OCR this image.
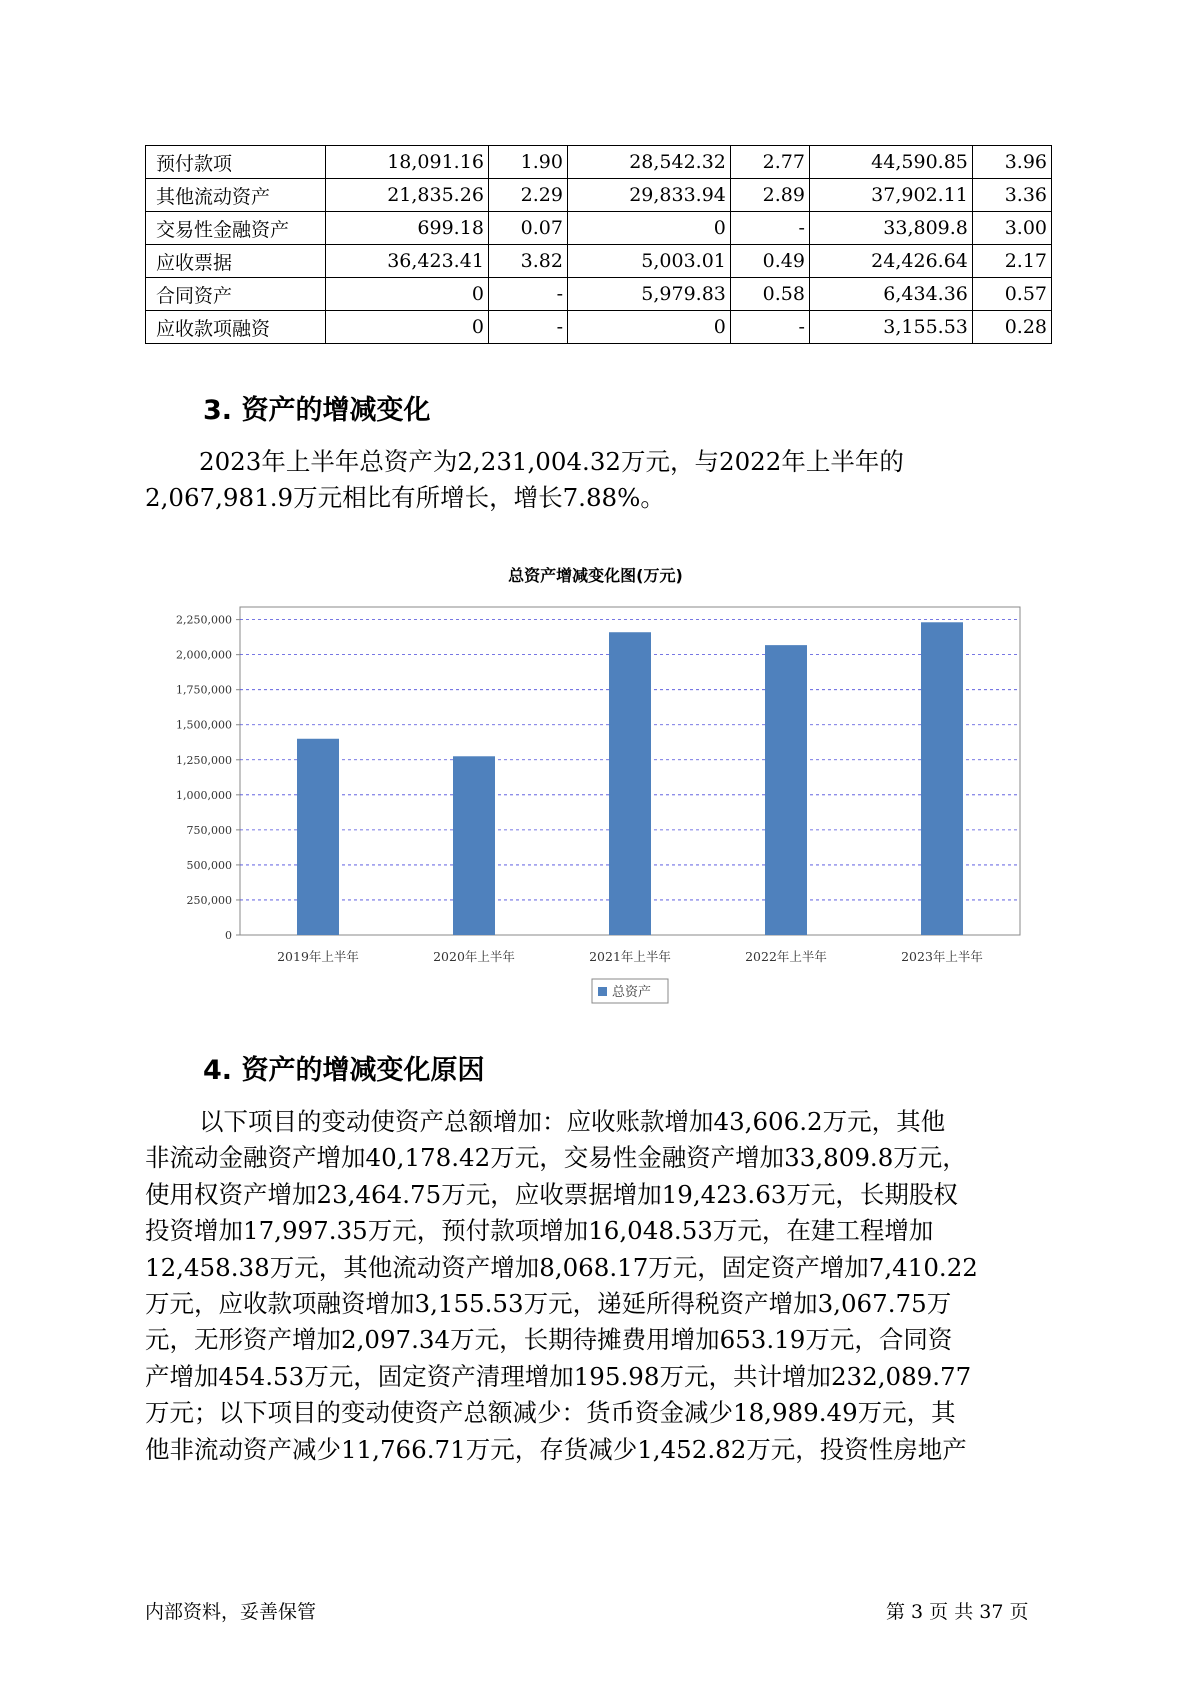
预付款项	18,091.16	1.90	28,542.32	2.77	44,590.85	3.96
其他流动资产	21,835.26	2.29	29,833.94	2.89	37,902.11	3.36
交易性金融资产	699.18	0.07	0	-	33,809.8	3.00
应收票据	36,423.41	3.82	5,003.01	0.49	24,426.64	2.17
合同资产	0	-	5,979.83	0.58	6,434.36	0.57
应收款项融资	0	-	0	-	3,155.53	0.28
3. 资产的增减变化
2023年上半年总资产为2,231,004.32万元，与2022年上半年的
2,067,981.9万元相比有所增长，增长7.88%。
总资产增减变化图(万元)
0
250,000
500,000
750,000
1,000,000
1,250,000
1,500,000
1,750,000
2,000,000
2,250,000
2019年上半年	2020年上半年	2021年上半年	2022年上半年	2023年上半年
总资产
4. 资产的增减变化原因
以下项目的变动使资产总额增加：应收账款增加43,606.2万元，其他
非流动金融资产增加40,178.42万元，交易性金融资产增加33,809.8万元，
使用权资产增加23,464.75万元，应收票据增加19,423.63万元，长期股权
投资增加17,997.35万元，预付款项增加16,048.53万元，在建工程增加
12,458.38万元，其他流动资产增加8,068.17万元，固定资产增加7,410.22
万元，应收款项融资增加3,155.53万元，递延所得税资产增加3,067.75万
元，无形资产增加2,097.34万元，长期待摊费用增加653.19万元，合同资
产增加454.53万元，固定资产清理增加195.98万元，共计增加232,089.77
万元；以下项目的变动使资产总额减少：货币资金减少18,989.49万元，其
他非流动资产减少11,766.71万元，存货减少1,452.82万元，投资性房地产
内部资料，妥善保管	第 3 页 共 37 页
